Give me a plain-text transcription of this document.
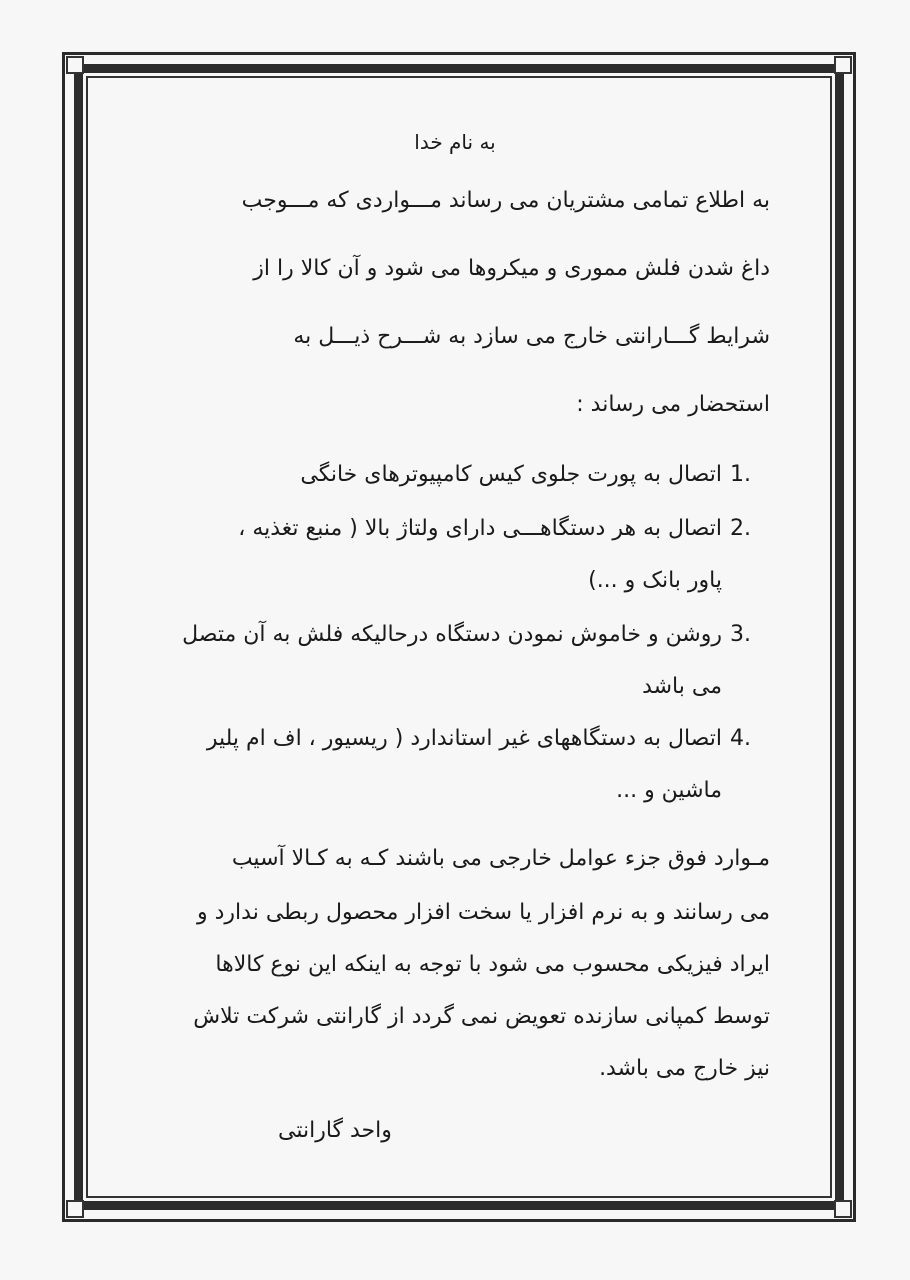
به نام خدا
به اطلاع تمامی مشتریان می رساند مـــواردی که مـــوجب
داغ شدن فلش مموری و میکروها می شود و آن کالا را از
شرایط گـــارانتی خارج می سازد به شـــرح ذیـــل به
استحضار می رساند :
1.
اتصال به پورت جلوی کیس کامپیوترهای خانگی
2.
اتصال به هر دستگاهـــی دارای ولتاژ بالا ( منبع تغذیه ،
پاور بانک و ...)
3.
روشن و خاموش نمودن دستگاه درحالیکه فلش به آن متصل
می باشد
4.
اتصال به دستگاههای غیر استاندارد ( ریسیور ، اف ام پلیر
ماشین و ...
مـوارد فوق جزء عوامل خارجی می باشند کـه به کـالا آسیب
می رسانند و به نرم افزار یا سخت افزار محصول ربطی ندارد و
ایراد فیزیکی محسوب می شود با توجه به اینکه این نوع کالاها
توسط کمپانی سازنده تعویض نمی گردد از گارانتی شرکت تلاش
نیز خارج می باشد.
واحد گارانتی
